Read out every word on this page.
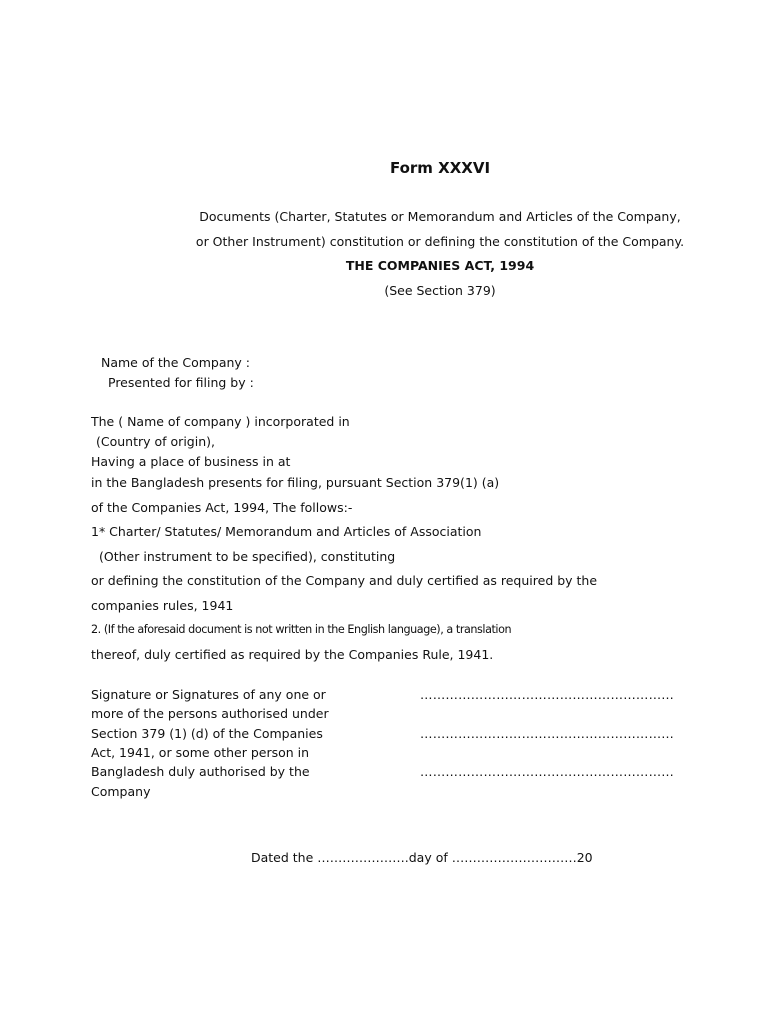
Form XXXVI

Documents (Charter, Statutes or Memorandum and Articles of the Company,

or Other Instrument) constitution or defining the constitution of the Company.

THE COMPANIES ACT, 1994

(See Section 379)

Name of the Company :

Presented for filing by :

The ( Name of company ) incorporated in

(Country of origin),

Having a place of business in at

in the Bangladesh presents for filing, pursuant Section 379(1) (a)

of the Companies Act, 1994, The follows:-

1* Charter/ Statutes/ Memorandum and Articles of Association

(Other instrument to be specified), constituting

or defining the constitution of the Company and duly certified as required by the

companies rules, 1941

2. (If the aforesaid document is not written in the English language), a translation

thereof, duly certified as required by the Companies Rule, 1941.

Signature or Signatures of any one or

more of the persons authorised under

Section 379 (1) (d) of the Companies

Act, 1941, or some other person in

Bangladesh duly authorised by the

Company

……………………………………………………

……………………………………………………

……………………………………………………

Dated the ………………….day of …………………………20
